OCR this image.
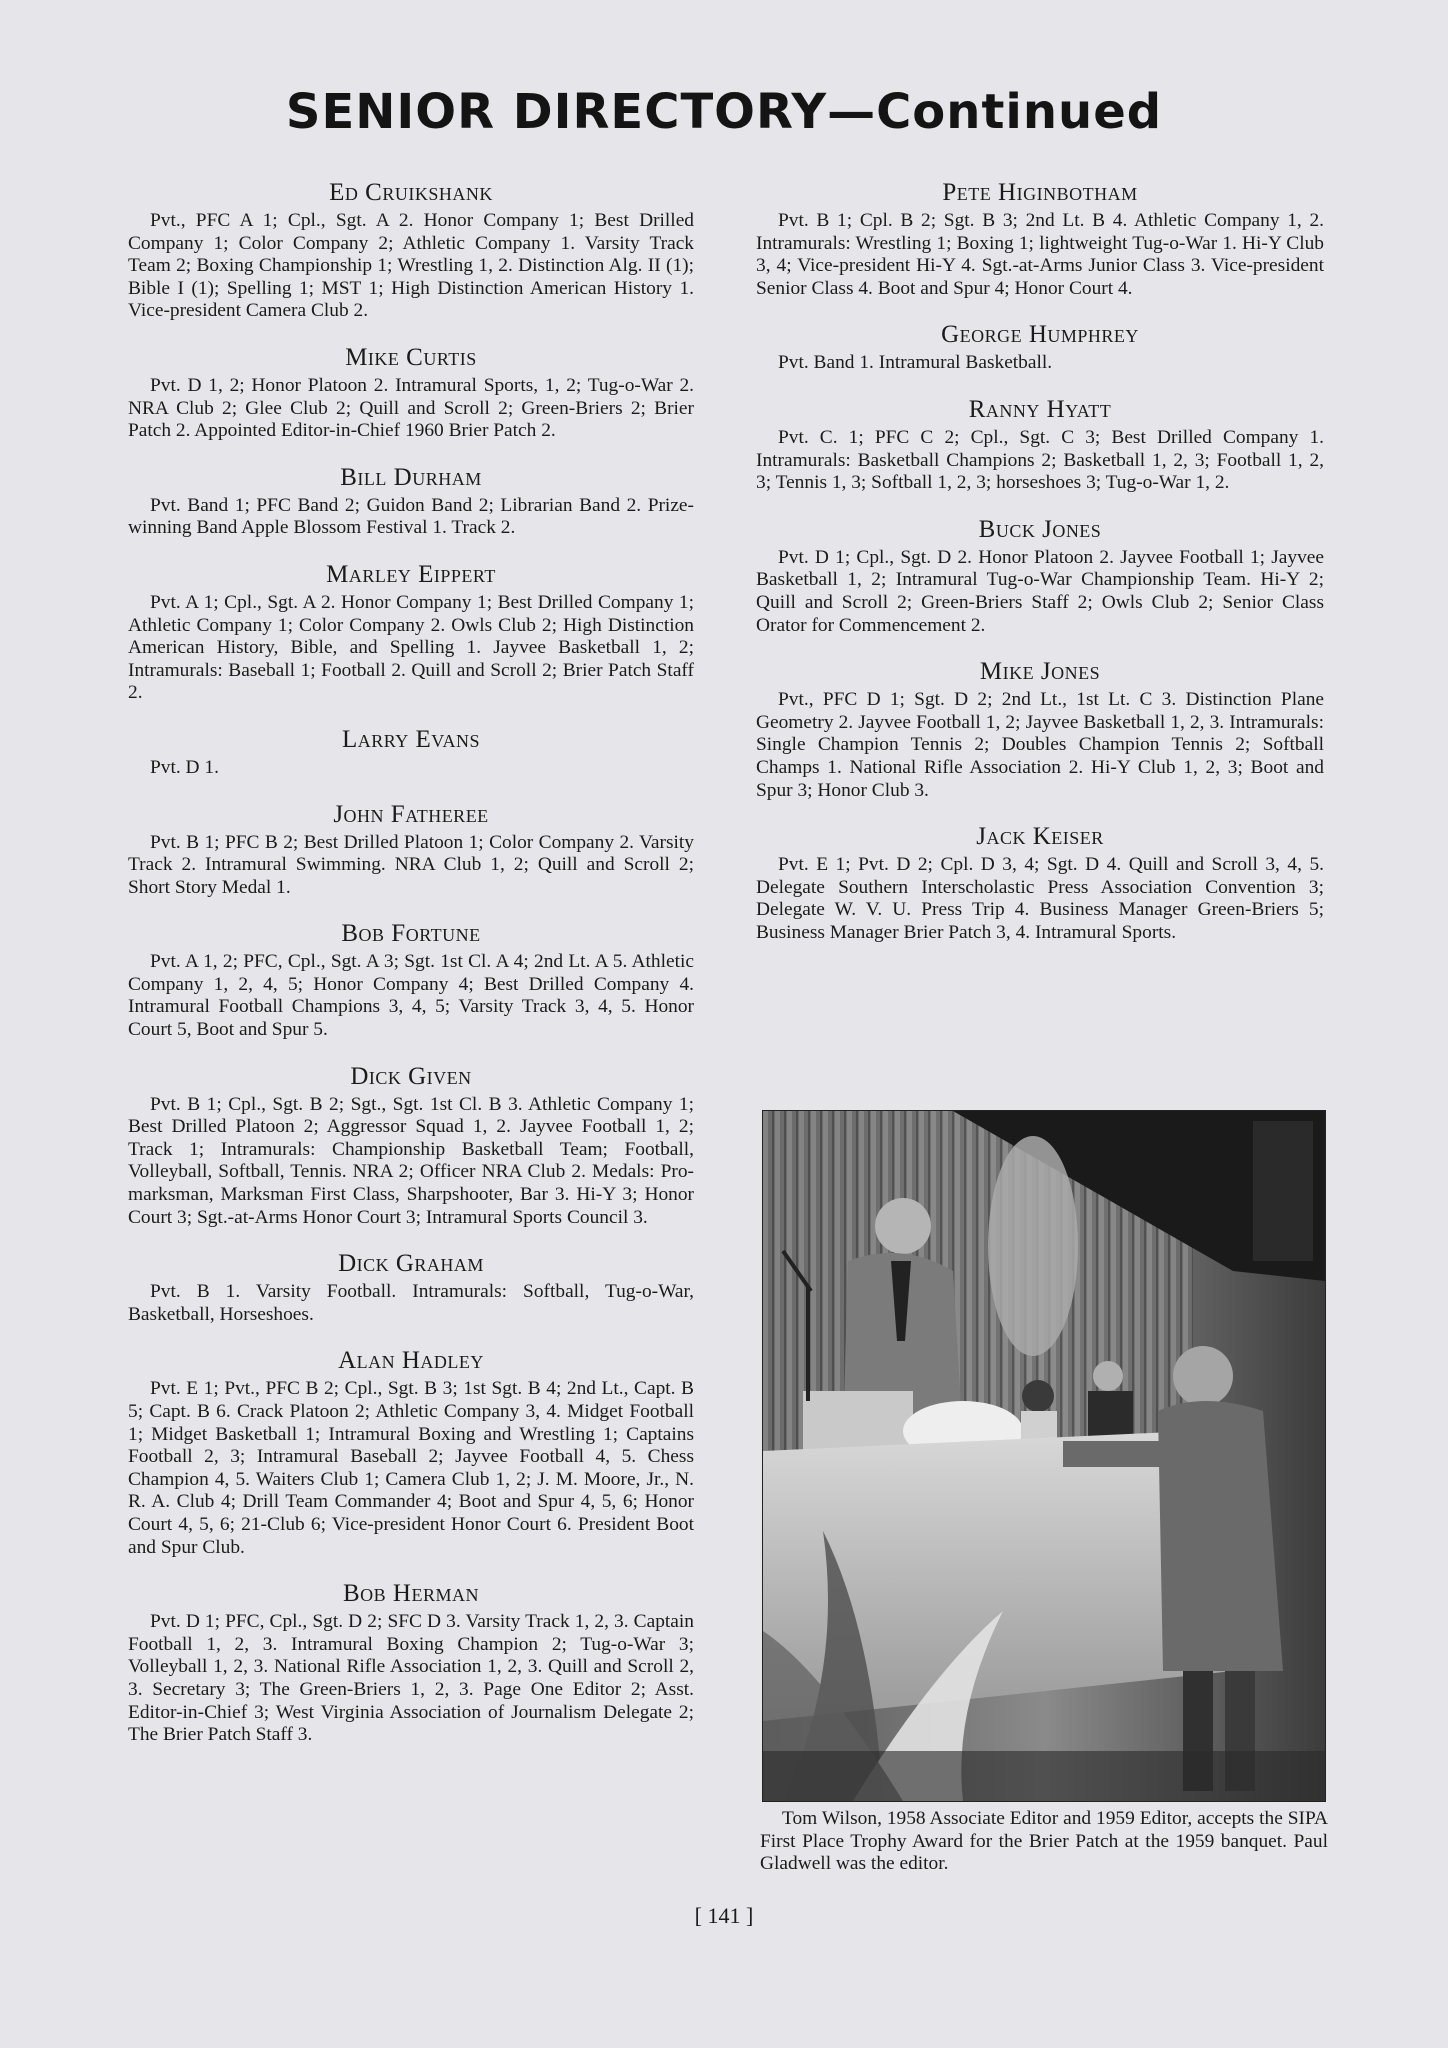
SENIOR DIRECTORY—Continued
Ed Cruikshank

Pvt., PFC A 1; Cpl., Sgt. A 2. Honor Company 1; Best Drilled Company 1; Color Company 2; Athletic Company 1. Varsity Track Team 2; Boxing Championship 1; Wrestling 1, 2. Distinction Alg. II (1); Bible I (1); Spelling 1; MST 1; High Distinction American History 1. Vice-president Camera Club 2.

Mike Curtis

Pvt. D 1, 2; Honor Platoon 2. Intramural Sports, 1, 2; Tug-o-War 2. NRA Club 2; Glee Club 2; Quill and Scroll 2; Green-Briers 2; Brier Patch 2. Appointed Editor-in-Chief 1960 Brier Patch 2.

Bill Durham

Pvt. Band 1; PFC Band 2; Guidon Band 2; Librarian Band 2. Prize-winning Band Apple Blossom Festival 1. Track 2.

Marley Eippert

Pvt. A 1; Cpl., Sgt. A 2. Honor Company 1; Best Drilled Company 1; Athletic Company 1; Color Company 2. Owls Club 2; High Distinction American History, Bible, and Spelling 1. Jayvee Basketball 1, 2; Intramurals: Baseball 1; Football 2. Quill and Scroll 2; Brier Patch Staff 2.

Larry Evans

Pvt. D 1.

John Fatheree

Pvt. B 1; PFC B 2; Best Drilled Platoon 1; Color Company 2. Varsity Track 2. Intramural Swimming. NRA Club 1, 2; Quill and Scroll 2; Short Story Medal 1.

Bob Fortune

Pvt. A 1, 2; PFC, Cpl., Sgt. A 3; Sgt. 1st Cl. A 4; 2nd Lt. A 5. Athletic Company 1, 2, 4, 5; Honor Company 4; Best Drilled Company 4. Intramural Football Champions 3, 4, 5; Varsity Track 3, 4, 5. Honor Court 5, Boot and Spur 5.

Dick Given

Pvt. B 1; Cpl., Sgt. B 2; Sgt., Sgt. 1st Cl. B 3. Athletic Company 1; Best Drilled Platoon 2; Aggressor Squad 1, 2. Jayvee Football 1, 2; Track 1; Intramurals: Championship Basketball Team; Football, Volleyball, Softball, Tennis. NRA 2; Officer NRA Club 2. Medals: Pro-marksman, Marksman First Class, Sharpshooter, Bar 3. Hi-Y 3; Honor Court 3; Sgt.-at-Arms Honor Court 3; Intramural Sports Council 3.

Dick Graham

Pvt. B 1. Varsity Football. Intramurals: Softball, Tug-o-War, Basketball, Horseshoes.

Alan Hadley

Pvt. E 1; Pvt., PFC B 2; Cpl., Sgt. B 3; 1st Sgt. B 4; 2nd Lt., Capt. B 5; Capt. B 6. Crack Platoon 2; Athletic Company 3, 4. Midget Football 1; Midget Basketball 1; Intramural Boxing and Wrestling 1; Captains Football 2, 3; Intramural Baseball 2; Jayvee Football 4, 5. Chess Champion 4, 5. Waiters Club 1; Camera Club 1, 2; J. M. Moore, Jr., N. R. A. Club 4; Drill Team Commander 4; Boot and Spur 4, 5, 6; Honor Court 4, 5, 6; 21-Club 6; Vice-president Honor Court 6. President Boot and Spur Club.

Bob Herman

Pvt. D 1; PFC, Cpl., Sgt. D 2; SFC D 3. Varsity Track 1, 2, 3. Captain Football 1, 2, 3. Intramural Boxing Champion 2; Tug-o-War 3; Volleyball 1, 2, 3. National Rifle Association 1, 2, 3. Quill and Scroll 2, 3. Secretary 3; The Green-Briers 1, 2, 3. Page One Editor 2; Asst. Editor-in-Chief 3; West Virginia Association of Journalism Delegate 2; The Brier Patch Staff 3.

Pete Higinbotham

Pvt. B 1; Cpl. B 2; Sgt. B 3; 2nd Lt. B 4. Athletic Company 1, 2. Intramurals: Wrestling 1; Boxing 1; lightweight Tug-o-War 1. Hi-Y Club 3, 4; Vice-president Hi-Y 4. Sgt.-at-Arms Junior Class 3. Vice-president Senior Class 4. Boot and Spur 4; Honor Court 4.

George Humphrey

Pvt. Band 1. Intramural Basketball.

Ranny Hyatt

Pvt. C. 1; PFC C 2; Cpl., Sgt. C 3; Best Drilled Company 1. Intramurals: Basketball Champions 2; Basketball 1, 2, 3; Football 1, 2, 3; Tennis 1, 3; Softball 1, 2, 3; horseshoes 3; Tug-o-War 1, 2.

Buck Jones

Pvt. D 1; Cpl., Sgt. D 2. Honor Platoon 2. Jayvee Football 1; Jayvee Basketball 1, 2; Intramural Tug-o-War Championship Team. Hi-Y 2; Quill and Scroll 2; Green-Briers Staff 2; Owls Club 2; Senior Class Orator for Commencement 2.

Mike Jones

Pvt., PFC D 1; Sgt. D 2; 2nd Lt., 1st Lt. C 3. Distinction Plane Geometry 2. Jayvee Football 1, 2; Jayvee Basketball 1, 2, 3. Intramurals: Single Champion Tennis 2; Doubles Champion Tennis 2; Softball Champs 1. National Rifle Association 2. Hi-Y Club 1, 2, 3; Boot and Spur 3; Honor Club 3.

Jack Keiser

Pvt. E 1; Pvt. D 2; Cpl. D 3, 4; Sgt. D 4. Quill and Scroll 3, 4, 5. Delegate Southern Interscholastic Press Association Convention 3; Delegate W. V. U. Press Trip 4. Business Manager Green-Briers 5; Business Manager Brier Patch 3, 4. Intramural Sports.

Tom Wilson, 1958 Associate Editor and 1959 Editor, accepts the SIPA First Place Trophy Award for the Brier Patch at the 1959 banquet. Paul Gladwell was the editor.

[ 141 ]
